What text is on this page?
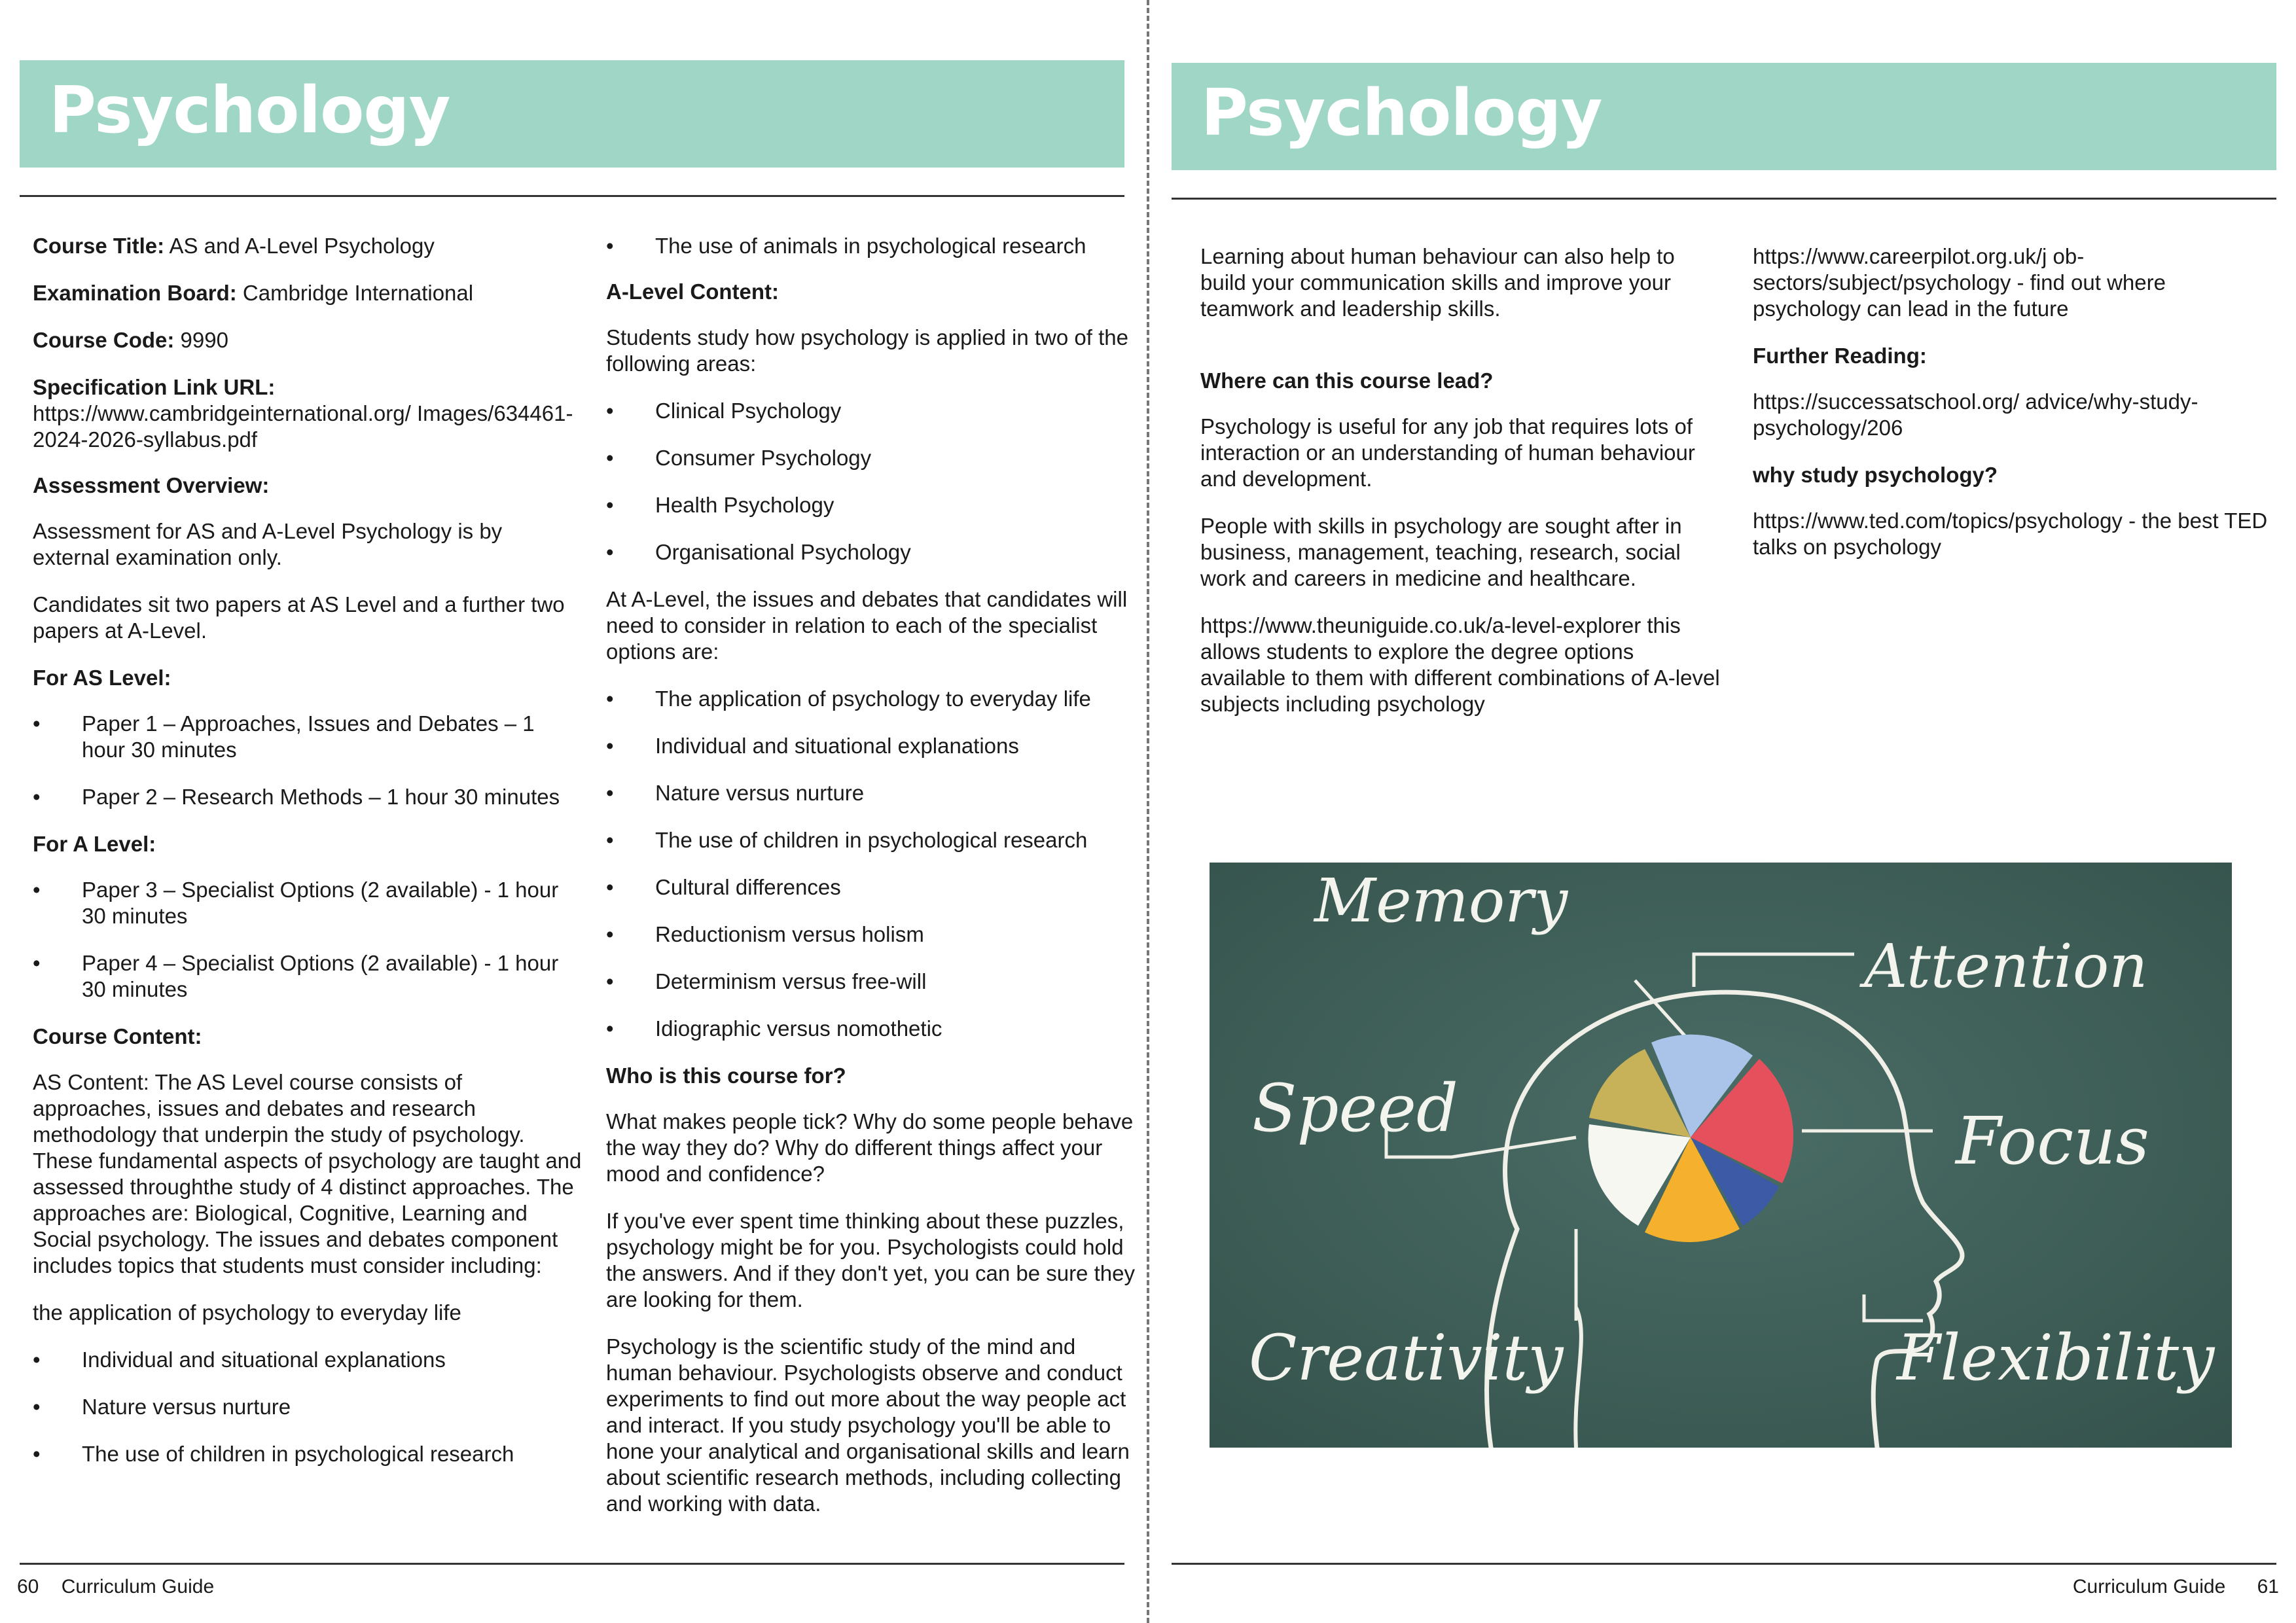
Psychology

Course Title: AS and A-Level Psychology

Examination Board: Cambridge International

Course Code: 9990

Specification Link URL:
https://www.cambridgeinternational.org/ Images/634461-2024-2026-syllabus.pdf

Assessment Overview:

Assessment for AS and A-Level Psychology is by external examination only.

Candidates sit two papers at AS Level and a further two papers at A-Level.

For AS Level:

• Paper 1 – Approaches, Issues and Debates – 1 hour 30 minutes
• Paper 2 – Research Methods – 1 hour 30 minutes

For A Level:

• Paper 3 – Specialist Options (2 available) - 1 hour 30 minutes
• Paper 4 – Specialist Options (2 available) - 1 hour 30 minutes

Course Content:

AS Content: The AS Level course consists of approaches, issues and debates and research methodology that underpin the study of psychology. These fundamental aspects of psychology are taught and assessed throughthe study of 4 distinct approaches. The approaches are: Biological, Cognitive, Learning and Social psychology. The issues and debates component includes topics that students must consider including:

the application of psychology to everyday life

• Individual and situational explanations
• Nature versus nurture
• The use of children in psychological research
• The use of animals in psychological research

A-Level Content:

Students study how psychology is applied in two of the following areas:

• Clinical Psychology
• Consumer Psychology
• Health Psychology
• Organisational Psychology

At A-Level, the issues and debates that candidates will need to consider in relation to each of the specialist options are:

• The application of psychology to everyday life
• Individual and situational explanations
• Nature versus nurture
• The use of children in psychological research
• Cultural differences
• Reductionism versus holism
• Determinism versus free-will
• Idiographic versus nomothetic

Who is this course for?

What makes people tick? Why do some people behave the way they do? Why do different things affect your mood and confidence?

If you've ever spent time thinking about these puzzles, psychology might be for you. Psychologists could hold the answers. And if they don't yet, you can be sure they are looking for them.

Psychology is the scientific study of the mind and human behaviour. Psychologists observe and conduct experiments to find out more about the way people act and interact. If you study psychology you'll be able to hone your analytical and organisational skills and learn about scientific research methods, including collecting and working with data.

60 Curriculum Guide
Psychology

Learning about human behaviour can also help to build your communication skills and improve your teamwork and leadership skills.

Where can this course lead?

Psychology is useful for any job that requires lots of interaction or an understanding of human behaviour and development.

People with skills in psychology are sought after in business, management, teaching, research, social work and careers in medicine and healthcare.

https://www.theuniguide.co.uk/a-level-explorer this allows students to explore the degree options available to them with different combinations of A-level subjects including psychology

https://www.careerpilot.org.uk/j ob-sectors/subject/psychology - find out where psychology can lead in the future

Further Reading:

https://successatschool.org/ advice/why-study-psychology/206

why study psychology?

https://www.ted.com/topics/psychology - the best TED talks on psychology

Memory
Attention
Speed	Focus
Creativity	Flexibility
Curriculum Guide 61
